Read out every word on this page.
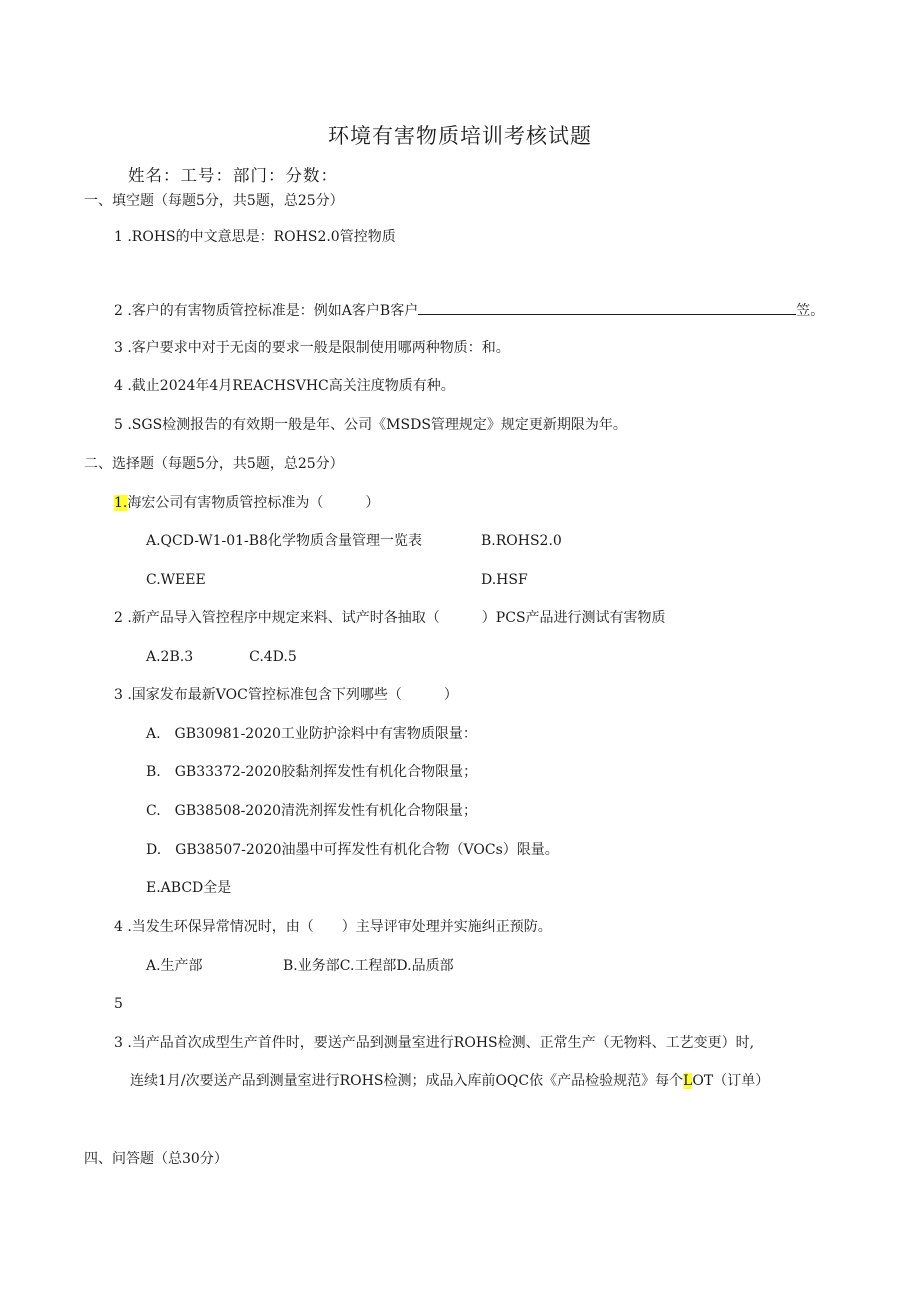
环境有害物质培训考核试题
姓名：工号：部门：分数：
一、填空题（每题5分，共5题，总25分）
1 .ROHS的中文意思是：ROHS2.0管控物质
2 .客户的有害物质管控标准是：例如A客户B客户	笠。
3 .客户要求中对于无卤的要求一般是限制使用哪两种物质：和。
4 .截止2024年4月REACHSVHC高关注度物质有种。
5 .SGS检测报告的有效期一般是年、公司《MSDS管理规定》规定更新期限为年。
二、选择题（每题5分，共5题，总25分）
1.海宏公司有害物质管控标准为（　　　）
A.QCD-W1-01-B8化学物质含量管理一览表	B.ROHS2.0
C.WEEE	D.HSF
2 .新产品导入管控程序中规定来料、试产时各抽取（　　　）PCS产品进行测试有害物质
A.2B.3　　　　C.4D.5
3 .国家发布最新VOC管控标准包含下列哪些（　　　）
A.　GB30981-2020工业防护涂料中有害物质限量：
B.　GB33372-2020胶黏剂挥发性有机化合物限量；
C.　GB38508-2020清洗剂挥发性有机化合物限量；
D.　GB38507-2020油墨中可挥发性有机化合物（VOCs）限量。
E.ABCD全是
4 .当发生环保异常情况时，由（　　）主导评审处理并实施纠正预防。
A.生产部	B.业务部C.工程部D.品质部
5
3 .当产品首次成型生产首件时，要送产品到测量室进行ROHS检测、正常生产（无物料、工艺变更）时,
连续1月/次要送产品到测量室进行ROHS检测；成品入库前OQC依《产品检验规范》每个LOT（订单）
四、问答题（总30分）
